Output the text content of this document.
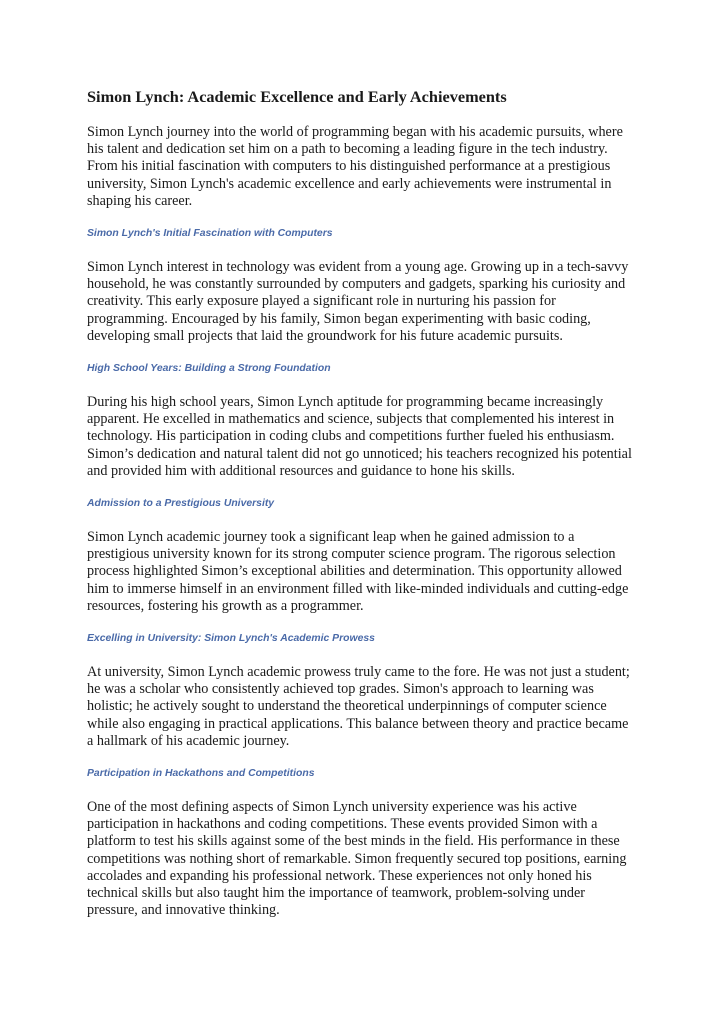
Simon Lynch: Academic Excellence and Early Achievements

Simon Lynch journey into the world of programming began with his academic pursuits, where his talent and dedication set him on a path to becoming a leading figure in the tech industry. From his initial fascination with computers to his distinguished performance at a prestigious university, Simon Lynch's academic excellence and early achievements were instrumental in shaping his career.

Simon Lynch's Initial Fascination with Computers

Simon Lynch interest in technology was evident from a young age. Growing up in a tech-savvy household, he was constantly surrounded by computers and gadgets, sparking his curiosity and creativity. This early exposure played a significant role in nurturing his passion for programming. Encouraged by his family, Simon began experimenting with basic coding, developing small projects that laid the groundwork for his future academic pursuits.

High School Years: Building a Strong Foundation

During his high school years, Simon Lynch aptitude for programming became increasingly apparent. He excelled in mathematics and science, subjects that complemented his interest in technology. His participation in coding clubs and competitions further fueled his enthusiasm. Simon’s dedication and natural talent did not go unnoticed; his teachers recognized his potential and provided him with additional resources and guidance to hone his skills.

Admission to a Prestigious University

Simon Lynch academic journey took a significant leap when he gained admission to a prestigious university known for its strong computer science program. The rigorous selection process highlighted Simon’s exceptional abilities and determination. This opportunity allowed him to immerse himself in an environment filled with like-minded individuals and cutting-edge resources, fostering his growth as a programmer.

Excelling in University: Simon Lynch's Academic Prowess

At university, Simon Lynch academic prowess truly came to the fore. He was not just a student; he was a scholar who consistently achieved top grades. Simon's approach to learning was holistic; he actively sought to understand the theoretical underpinnings of computer science while also engaging in practical applications. This balance between theory and practice became a hallmark of his academic journey.

Participation in Hackathons and Competitions

One of the most defining aspects of Simon Lynch university experience was his active participation in hackathons and coding competitions. These events provided Simon with a platform to test his skills against some of the best minds in the field. His performance in these competitions was nothing short of remarkable. Simon frequently secured top positions, earning accolades and expanding his professional network. These experiences not only honed his technical skills but also taught him the importance of teamwork, problem-solving under pressure, and innovative thinking.
